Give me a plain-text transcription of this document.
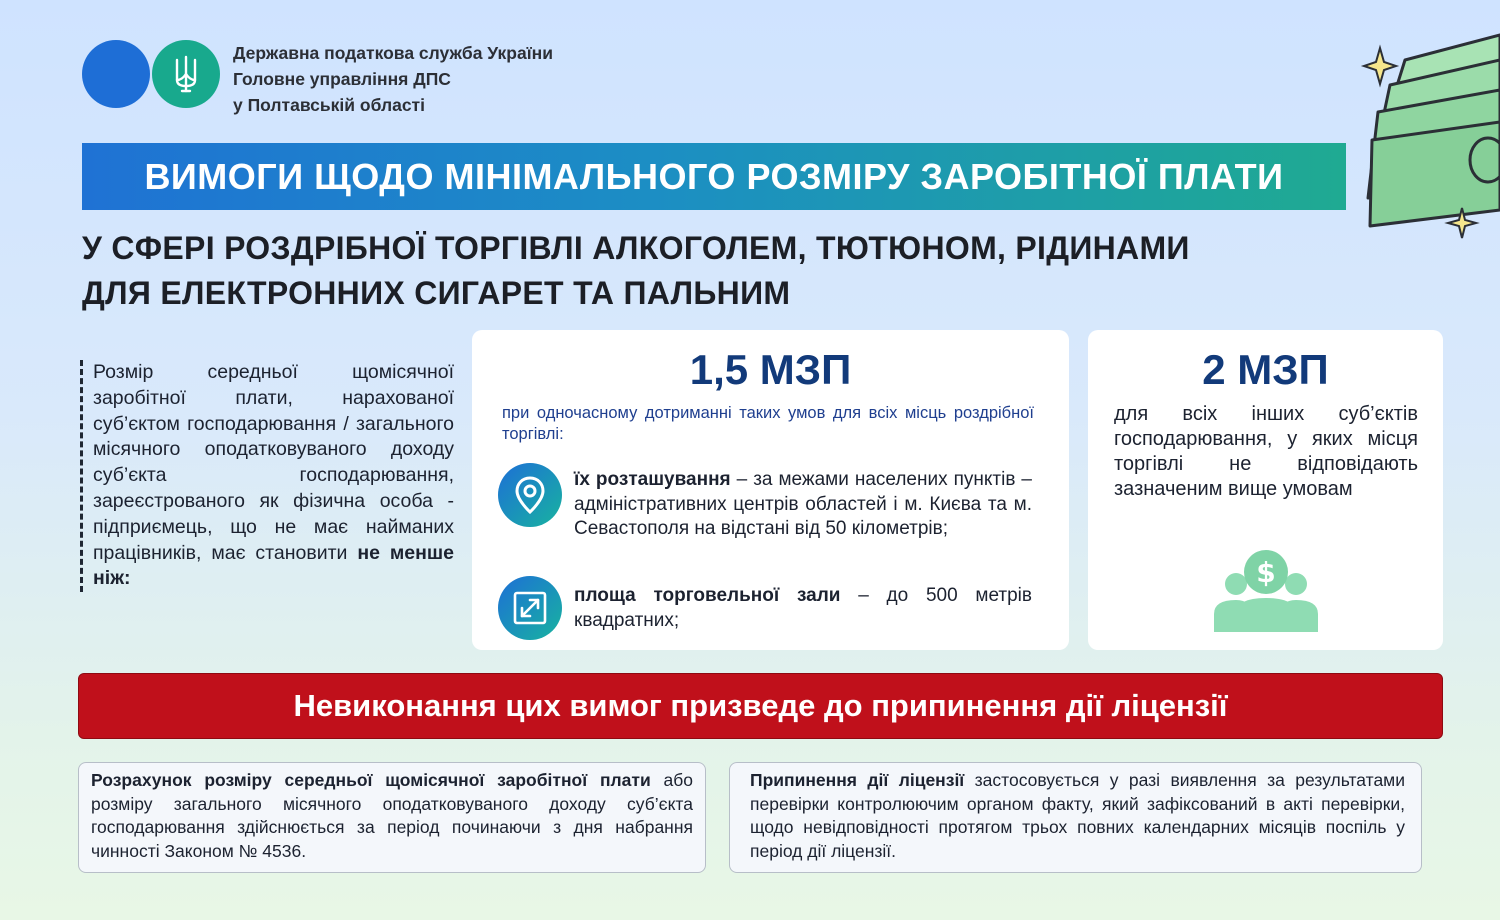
Державна податкова служба України
Головне управління ДПС
у Полтавській області
ВИМОГИ ЩОДО МІНІМАЛЬНОГО РОЗМІРУ ЗАРОБІТНОЇ ПЛАТИ
У СФЕРІ РОЗДРІБНОЇ ТОРГІВЛІ АЛКОГОЛЕМ, ТЮТЮНОМ, РІДИНАМИ
ДЛЯ ЕЛЕКТРОННИХ СИГАРЕТ ТА ПАЛЬНИМ
Розмір середньої щомісячної заробітної плати, нарахованої суб’єктом господарювання / загального місячного оподатковуваного доходу суб’єкта господарювання, зареєстрованого як фізична особа - підприємець, що не має найманих працівників, має становити не менше ніж:
1,5 МЗП
при одночасному дотриманні таких умов для всіх місць роздрібної торгівлі:
їх розташування – за межами населених пунктів – адміністративних центрів областей і м. Києва та м. Севастополя на відстані від 50 кілометрів;
площа торговельної зали – до 500 метрів квадратних;
2 МЗП
для всіх інших суб’єктів господарювання, у яких місця торгівлі не відповідають зазначеним вище умовам
$
Невиконання цих вимог призведе до припинення дії ліцензії
Розрахунок розміру середньої щомісячної заробітної плати або розміру загального місячного оподатковуваного доходу суб’єкта господарювання здійснюється за період починаючи з дня набрання чинності Законом № 4536.
Припинення дії ліцензії застосовується у разі виявлення за результатами перевірки контролюючим органом факту, який зафіксований в акті перевірки, щодо невідповідності протягом трьох повних календарних місяців поспіль у період дії ліцензії.
